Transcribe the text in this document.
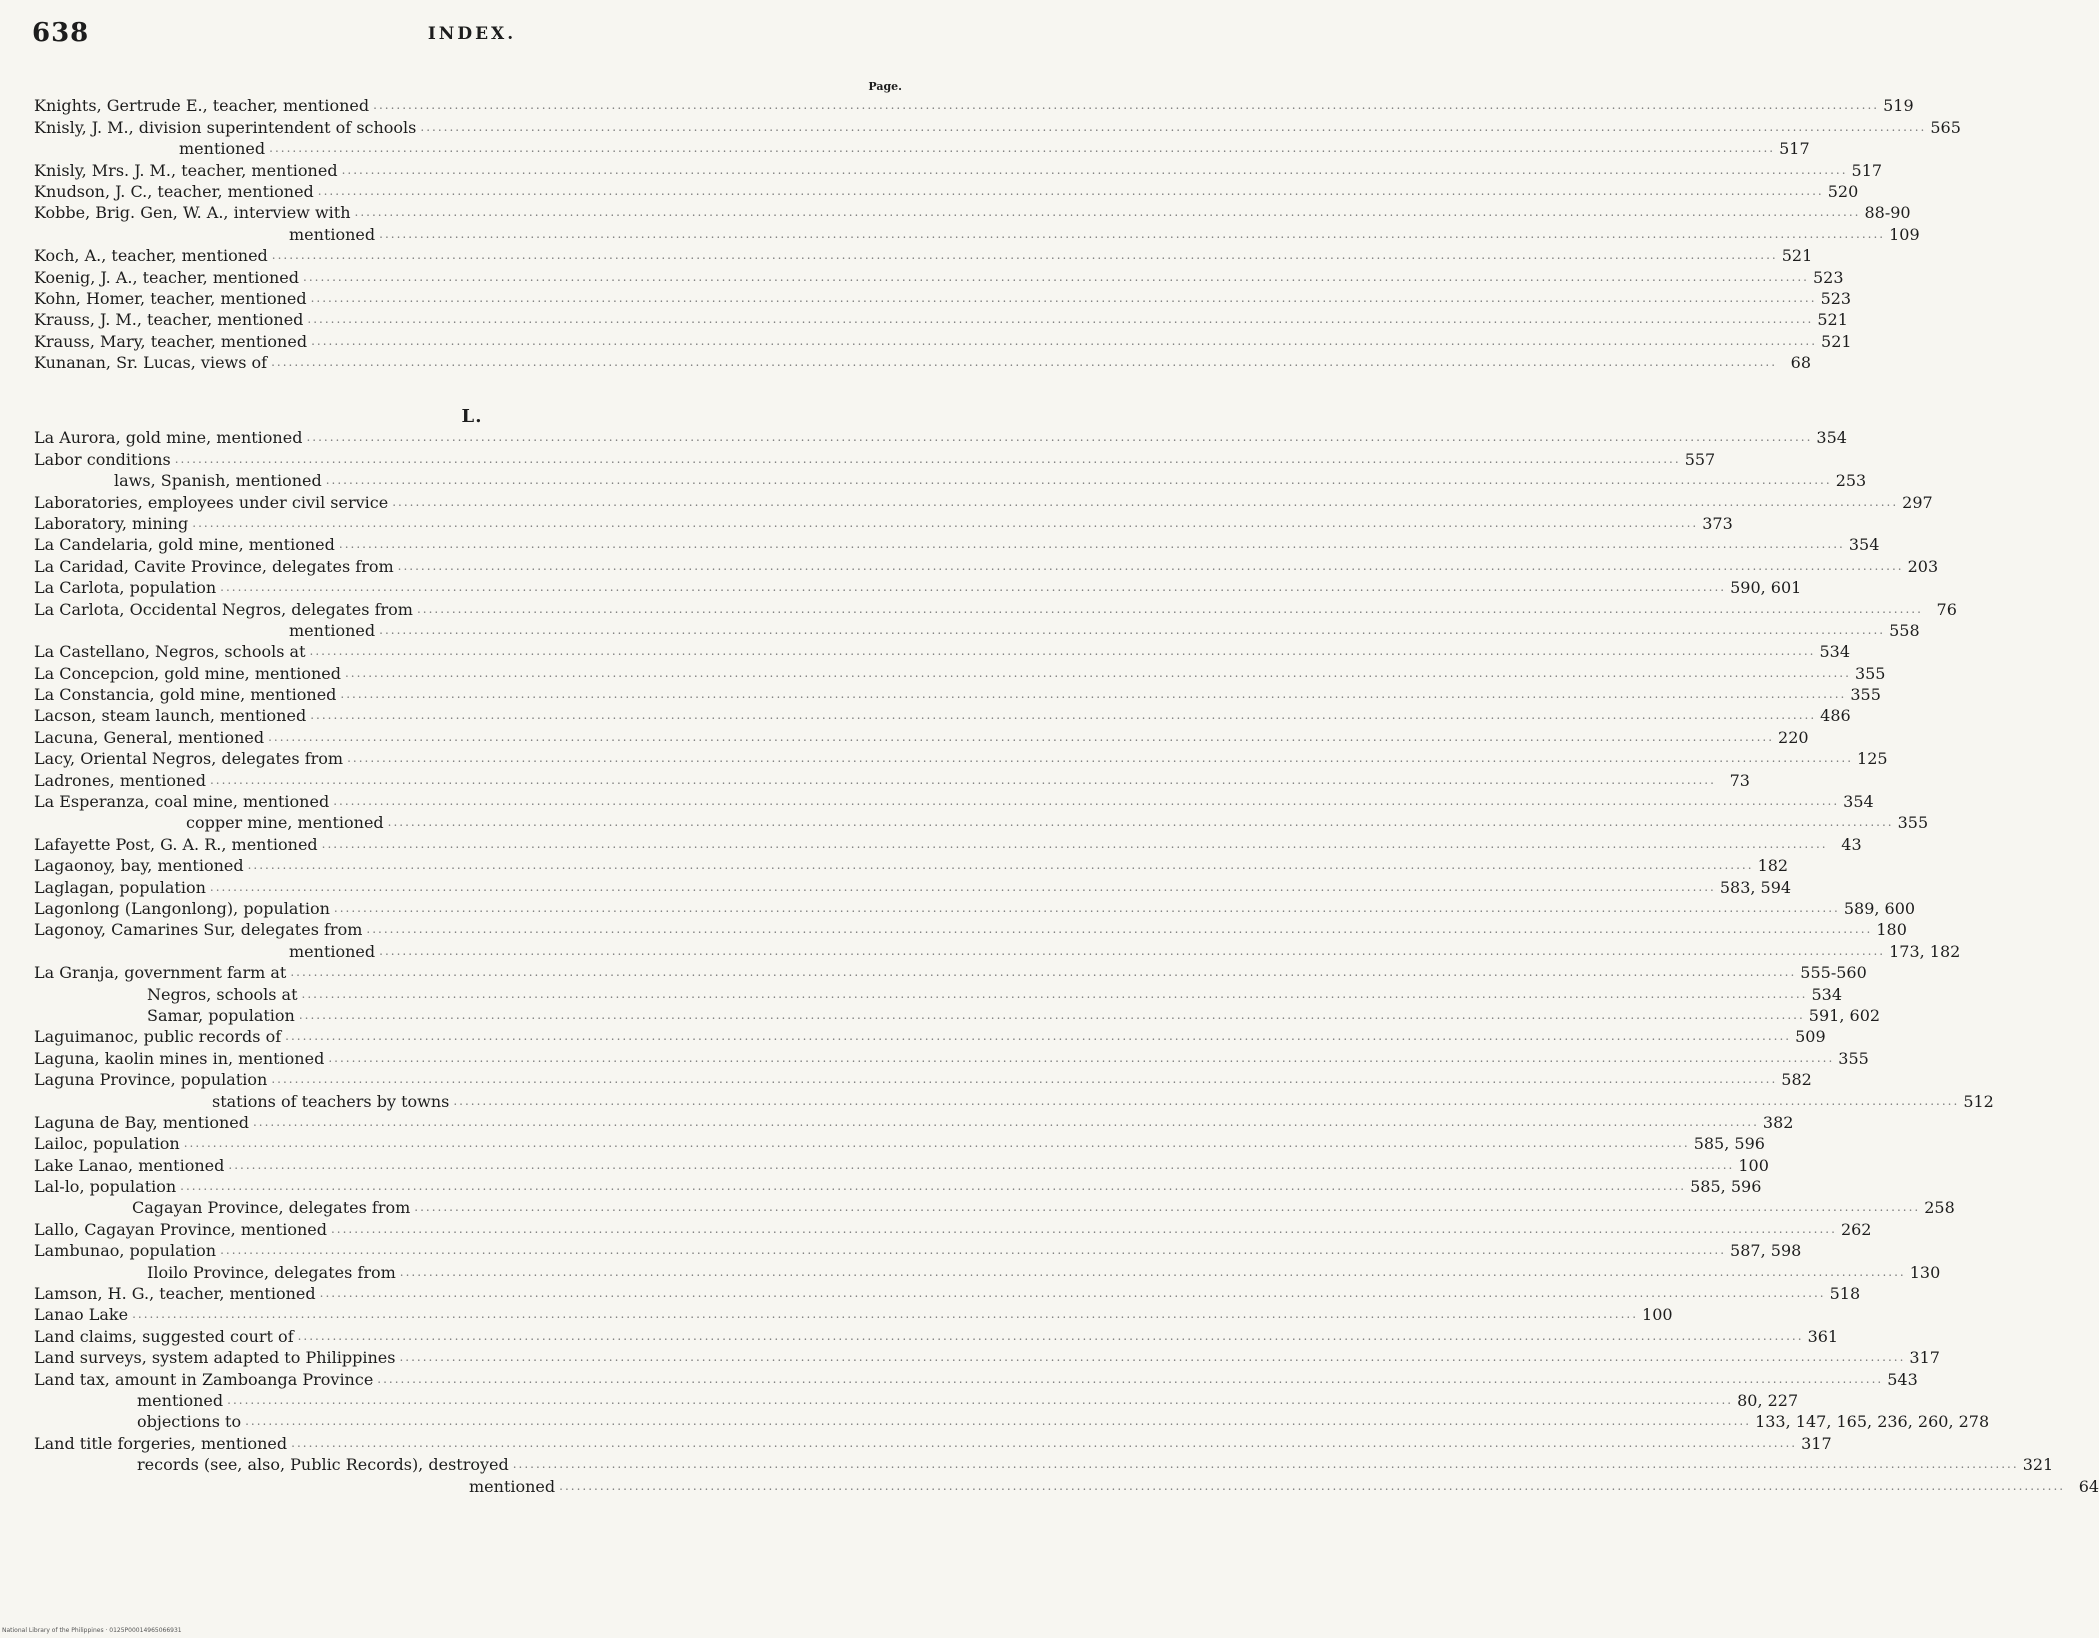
638	INDEX.
Page.
Knights, Gertrude E., teacher, mentioned .....	519
Knisly, J. M., division superintendent of schools .....	565
mentioned .....	517
Knisly, Mrs. J. M., teacher, mentioned .....	517
Knudson, J. C., teacher, mentioned .....	520
Kobbe, Brig. Gen, W. A., interview with .....	88-90
mentioned .....	109
Koch, A., teacher, mentioned .....	521
Koenig, J. A., teacher, mentioned .....	523
Kohn, Homer, teacher, mentioned .....	523
Krauss, J. M., teacher, mentioned .....	521
Krauss, Mary, teacher, mentioned .....	521
Kunanan, Sr. Lucas, views of .....	68
L.
La Aurora, gold mine, mentioned .....	354
Labor conditions .....	557
laws, Spanish, mentioned .....	253
Laboratories, employees under civil service .....	297
Laboratory, mining .....	373
La Candelaria, gold mine, mentioned .....	354
La Caridad, Cavite Province, delegates from .....	203
La Carlota, population .....	590, 601
La Carlota, Occidental Negros, delegates from .....	76
mentioned .....	558
La Castellano, Negros, schools at .....	534
La Concepcion, gold mine, mentioned .....	355
La Constancia, gold mine, mentioned .....	355
Lacson, steam launch, mentioned .....	486
Lacuna, General, mentioned .....	220
Lacy, Oriental Negros, delegates from .....	125
Ladrones, mentioned .....	73
La Esperanza, coal mine, mentioned .....	354
copper mine, mentioned .....	355
Lafayette Post, G. A. R., mentioned .....	43
Lagaonoy, bay, mentioned .....	182
Laglagan, population .....	583, 594
Lagonlong (Langonlong), population .....	589, 600
Lagonoy, Camarines Sur, delegates from .....	180
mentioned .....	173, 182
La Granja, government farm at .....	555-560
Negros, schools at .....	534
Samar, population .....	591, 602
Laguimanoc, public records of .....	509
Laguna, kaolin mines in, mentioned .....	355
Laguna Province, population .....	582
stations of teachers by towns .....	512
Laguna de Bay, mentioned .....	382
Lailoc, population .....	585, 596
Lake Lanao, mentioned .....	100
Lal-lo, population .....	585, 596
Cagayan Province, delegates from .....	258
Lallo, Cagayan Province, mentioned .....	262
Lambunao, population .....	587, 598
Iloilo Province, delegates from .....	130
Lamson, H. G., teacher, mentioned .....	518
Lanao Lake .....	100
Land claims, suggested court of .....	361
Land surveys, system adapted to Philippines .....	317
Land tax, amount in Zamboanga Province .....	543
mentioned .....	80, 227
objections to .....	133, 147, 165, 236, 260, 278
Land title forgeries, mentioned .....	317
records (see, also, Public Records), destroyed .....	321
mentioned .....	64
National Library of the Philippines · 0125P00014965066931
